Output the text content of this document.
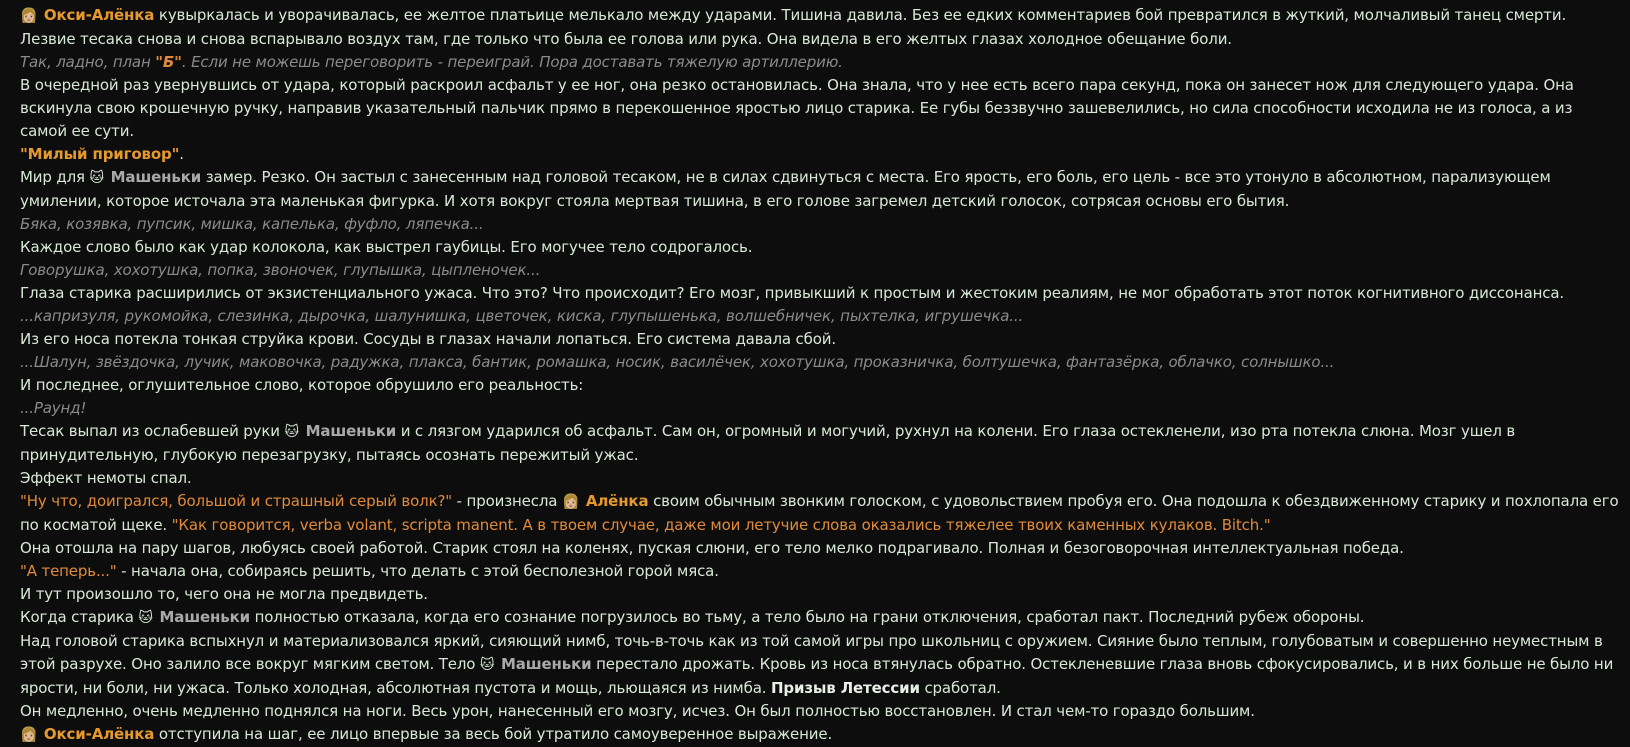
👩🏼 Окси-Алёнка кувыркалась и уворачивалась, ее желтое платьице мелькало между ударами. Тишина давила. Без ее едких комментариев бой превратился в жуткий, молчаливый танец смерти. Лезвие тесака снова и снова вспарывало воздух там, где только что была ее голова или рука. Она видела в его желтых глазах холодное обещание боли.

Так, ладно, план "Б". Если не можешь переговорить - переиграй. Пора доставать тяжелую артиллерию.

В очередной раз увернувшись от удара, который раскроил асфальт у ее ног, она резко остановилась. Она знала, что у нее есть всего пара секунд, пока он занесет нож для следующего удара. Она вскинула свою крошечную ручку, направив указательный пальчик прямо в перекошенное яростью лицо старика. Ее губы беззвучно зашевелились, но сила способности исходила не из голоса, а из самой ее сути.

"Милый приговор".

Мир для 🐱 Машеньки замер. Резко. Он застыл с занесенным над головой тесаком, не в силах сдвинуться с места. Его ярость, его боль, его цель - все это утонуло в абсолютном, парализующем умилении, которое источала эта маленькая фигурка. И хотя вокруг стояла мертвая тишина, в его голове загремел детский голосок, сотрясая основы его бытия.

Бяка, козявка, пупсик, мишка, капелька, фуфло, ляпечка...

Каждое слово было как удар колокола, как выстрел гаубицы. Его могучее тело содрогалось.

Говорушка, хохотушка, попка, звоночек, глупышка, цыпленочек...

Глаза старика расширились от экзистенциального ужаса. Что это? Что происходит? Его мозг, привыкший к простым и жестоким реалиям, не мог обработать этот поток когнитивного диссонанса.

...капризуля, рукомойка, слезинка, дырочка, шалунишка, цветочек, киска, глупышенька, волшебничек, пыхтелка, игрушечка...

Из его носа потекла тонкая струйка крови. Сосуды в глазах начали лопаться. Его система давала сбой.

...Шалун, звёздочка, лучик, маковочка, радужка, плакса, бантик, ромашка, носик, василёчек, хохотушка, проказничка, болтушечка, фантазёрка, облачко, солнышко...

И последнее, оглушительное слово, которое обрушило его реальность:

...Раунд!

Тесак выпал из ослабевшей руки 🐱 Машеньки и с лязгом ударился об асфальт. Сам он, огромный и могучий, рухнул на колени. Его глаза остекленели, изо рта потекла слюна. Мозг ушел в принудительную, глубокую перезагрузку, пытаясь осознать пережитый ужас.

Эффект немоты спал.

"Ну что, доигрался, большой и страшный серый волк?" - произнесла 👩🏼 Алёнка своим обычным звонким голоском, с удовольствием пробуя его. Она подошла к обездвиженному старику и похлопала его по косматой щеке. "Как говорится, verba volant, scripta manent. А в твоем случае, даже мои летучие слова оказались тяжелее твоих каменных кулаков. Bitch."

Она отошла на пару шагов, любуясь своей работой. Старик стоял на коленях, пуская слюни, его тело мелко подрагивало. Полная и безоговорочная интеллектуальная победа.

"А теперь..." - начала она, собираясь решить, что делать с этой бесполезной горой мяса.

И тут произошло то, чего она не могла предвидеть.

Когда старика 🐱 Машеньки полностью отказала, когда его сознание погрузилось во тьму, а тело было на грани отключения, сработал пакт. Последний рубеж обороны.

Над головой старика вспыхнул и материализовался яркий, сияющий нимб, точь-в-точь как из той самой игры про школьниц с оружием. Сияние было теплым, голубоватым и совершенно неуместным в этой разрухе. Оно залило все вокруг мягким светом. Тело 🐱 Машеньки перестало дрожать. Кровь из носа втянулась обратно. Остекленевшие глаза вновь сфокусировались, и в них больше не было ни ярости, ни боли, ни ужаса. Только холодная, абсолютная пустота и мощь, льющаяся из нимба. Призыв Летессии сработал.

Он медленно, очень медленно поднялся на ноги. Весь урон, нанесенный его мозгу, исчез. Он был полностью восстановлен. И стал чем-то гораздо большим.

👩🏼 Окси-Алёнка отступила на шаг, ее лицо впервые за весь бой утратило самоуверенное выражение.
